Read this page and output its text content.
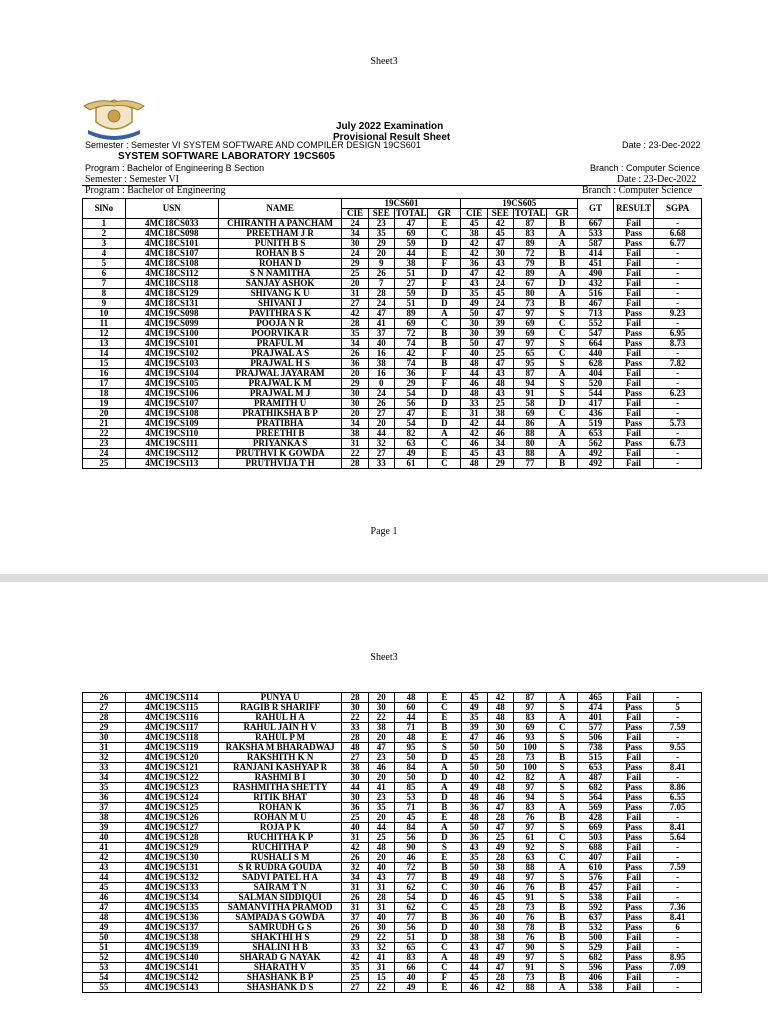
Sheet3
July 2022 Examination
Provisional Result Sheet
Semester : Semester VI SYSTEM SOFTWARE AND COMPILER DESIGN 19CS601	Date : 23-Dec-2022
SYSTEM SOFTWARE LABORATORY 19CS605
Program : Bachelor of Engineering B Section	Branch : Computer Science
Semester : Semester VI	Date : 23-Dec-2022
Program : Bachelor of Engineering	Branch : Computer Science
SlNo	USN	NAME	19CS601				19CS605				GT	RESULT	SGPA
			CIE	SEE	TOTAL	GR	CIE	SEE	TOTAL	GR			
1	4MC18CS033	CHIRANTH A PANCHAM	24	23	47	E	45	42	87	B	667	Fail	-
2	4MC18CS098	PREETHAM J R	34	35	69	C	38	45	83	A	533	Pass	6.68
3	4MC18CS101	PUNITH B S	30	29	59	D	42	47	89	A	587	Pass	6.77
4	4MC18CS107	ROHAN B S	24	20	44	E	42	30	72	B	414	Fail	-
5	4MC18CS108	ROHAN D	29	9	38	F	36	43	79	B	451	Fail	-
6	4MC18CS112	S N NAMITHA	25	26	51	D	47	42	89	A	490	Fail	-
7	4MC18CS118	SANJAY ASHOK	20	7	27	F	43	24	67	D	432	Fail	-
8	4MC18CS129	SHIVANG K U	31	28	59	D	35	45	80	A	516	Fail	-
9	4MC18CS131	SHIVANI J	27	24	51	D	49	24	73	B	467	Fail	-
10	4MC19CS098	PAVITHRA S K	42	47	89	A	50	47	97	S	713	Pass	9.23
11	4MC19CS099	POOJA N R	28	41	69	C	30	39	69	C	552	Fail	-
12	4MC19CS100	POORVIKA R	35	37	72	B	30	39	69	C	547	Pass	6.95
13	4MC19CS101	PRAFUL M	34	40	74	B	50	47	97	S	664	Pass	8.73
14	4MC19CS102	PRAJWAL A S	26	16	42	F	40	25	65	C	440	Fail	-
15	4MC19CS103	PRAJWAL H S	36	38	74	B	48	47	95	S	628	Pass	7.82
16	4MC19CS104	PRAJWAL JAYARAM	20	16	36	F	44	43	87	A	404	Fail	-
17	4MC19CS105	PRAJWAL K M	29	0	29	F	46	48	94	S	520	Fail	-
18	4MC19CS106	PRAJWAL M J	30	24	54	D	48	43	91	S	544	Pass	6.23
19	4MC19CS107	PRAMITH U	30	26	56	D	33	25	58	D	417	Fail	-
20	4MC19CS108	PRATHIKSHA B P	20	27	47	E	31	38	69	C	436	Fail	-
21	4MC19CS109	PRATIBHA	34	20	54	D	42	44	86	A	519	Pass	5.73
22	4MC19CS110	PREETHI B	38	44	82	A	42	46	88	A	653	Fail	-
23	4MC19CS111	PRIYANKA S	31	32	63	C	46	34	80	A	562	Pass	6.73
24	4MC19CS112	PRUTHVI K GOWDA	22	27	49	E	45	43	88	A	492	Fail	-
25	4MC19CS113	PRUTHVIJA T H	28	33	61	C	48	29	77	B	492	Fail	-
Page 1
Sheet3
26	4MC19CS114	PUNYA U	28	20	48	E	45	42	87	A	465	Fail	-
27	4MC19CS115	RAGIB R SHARIFF	30	30	60	C	49	48	97	S	474	Pass	5
28	4MC19CS116	RAHUL H A	22	22	44	E	35	48	83	A	401	Fail	-
29	4MC19CS117	RAHUL JAIN H V	33	38	71	B	39	30	69	C	577	Pass	7.59
30	4MC19CS118	RAHUL P M	28	20	48	E	47	46	93	S	506	Fail	-
31	4MC19CS119	RAKSHA M BHARADWAJ	48	47	95	S	50	50	100	S	738	Pass	9.55
32	4MC19CS120	RAKSHITH K N	27	23	50	D	45	28	73	B	515	Fail	-
33	4MC19CS121	RANJANI KASHYAP R	38	46	84	A	50	50	100	S	653	Pass	8.41
34	4MC19CS122	RASHMI B I	30	20	50	D	40	42	82	A	487	Fail	-
35	4MC19CS123	RASHMITHA SHETTY	44	41	85	A	49	48	97	S	682	Pass	8.86
36	4MC19CS124	RITIK BHAT	30	23	53	D	48	46	94	S	564	Pass	6.55
37	4MC19CS125	ROHAN K	36	35	71	B	36	47	83	A	569	Pass	7.05
38	4MC19CS126	ROHAN M U	25	20	45	E	48	28	76	B	428	Fail	-
39	4MC19CS127	ROJA P K	40	44	84	A	50	47	97	S	669	Pass	8.41
40	4MC19CS128	RUCHITHA K P	31	25	56	D	36	25	61	C	503	Pass	5.64
41	4MC19CS129	RUCHITHA P	42	48	90	S	43	49	92	S	688	Fail	-
42	4MC19CS130	RUSHALI S M	26	20	46	E	35	28	63	C	407	Fail	-
43	4MC19CS131	S R RUDRA GOUDA	32	40	72	B	50	38	88	A	610	Pass	7.59
44	4MC19CS132	SADVI PATEL H A	34	43	77	B	49	48	97	S	576	Fail	-
45	4MC19CS133	SAIRAM T N	31	31	62	C	30	46	76	B	457	Fail	-
46	4MC19CS134	SALMAN SIDDIQUI	26	28	54	D	46	45	91	S	538	Fail	-
47	4MC19CS135	SAMANVITHA PRAMOD	31	31	62	C	45	28	73	B	592	Pass	7.36
48	4MC19CS136	SAMPADA S GOWDA	37	40	77	B	36	40	76	B	637	Pass	8.41
49	4MC19CS137	SAMRUDH G S	26	30	56	D	40	38	78	B	532	Pass	6
50	4MC19CS138	SHAKTHI H S	29	22	51	D	38	38	76	B	500	Fail	-
51	4MC19CS139	SHALINI H B	33	32	65	C	43	47	90	S	529	Fail	-
52	4MC19CS140	SHARAD G NAYAK	42	41	83	A	48	49	97	S	682	Pass	8.95
53	4MC19CS141	SHARATH V	35	31	66	C	44	47	91	S	596	Pass	7.09
54	4MC19CS142	SHASHANK B P	25	15	40	F	45	28	73	B	406	Fail	-
55	4MC19CS143	SHASHANK D S	27	22	49	E	46	42	88	A	538	Fail	-
